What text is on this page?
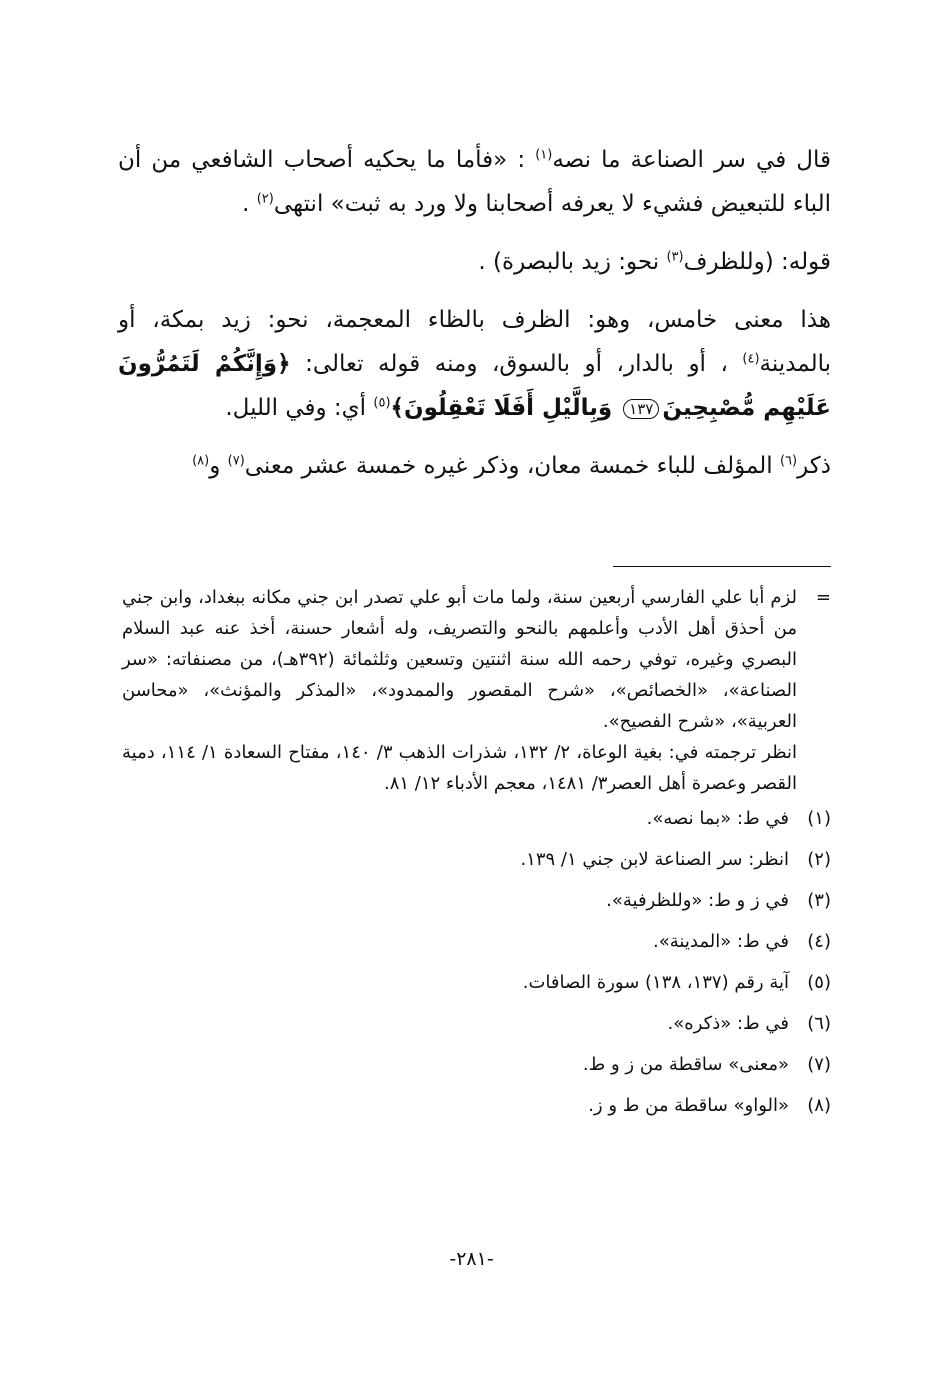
قال في سر الصناعة ما نصه$^{(١)}$ : «فأما ما يحكيه أصحاب الشافعي من أن الباء للتبعيض فشيء لا يعرفه أصحابنا ولا ورد به ثبت» انتهى$^{(٢)}$ .

قوله: (وللظرف$^{(٣)}$ نحو: زيد بالبصرة) .

هذا معنى خامس، وهو: الظرف بالظاء المعجمة، نحو: زيد بمكة، أو بالمدينة$^{(٤)}$ ، أو بالدار، أو بالسوق، ومنه قوله تعالى: ﴿وَإِنَّكُمْ لَتَمُرُّونَ عَلَيْهِم مُّصْبِحِينَ١٣٧ وَبِالَّيْلِ أَفَلَا تَعْقِلُونَ﴾$^{(٥)}$ أي: وفي الليل.

ذكر$^{(٦)}$ المؤلف للباء خمسة معان، وذكر غيره خمسة عشر معنى$^{(٧)}$ و$^{(٨)}$

=
لزم أبا علي الفارسي أربعين سنة، ولما مات أبو علي تصدر ابن جني مكانه ببغداد، وابن جني من أحذق أهل الأدب وأعلمهم بالنحو والتصريف، وله أشعار حسنة، أخذ عنه عبد السلام البصري وغيره، توفي رحمه الله سنة اثنتين وتسعين وثلثمائة (٣٩٢هـ)، من مصنفاته: «سر الصناعة»، «الخصائص»، «شرح المقصور والممدود»، «المذكر والمؤنث»، «محاسن العربية»، «شرح الفصيح».

انظر ترجمته في: بغية الوعاة، ٢/ ١٣٢، شذرات الذهب ٣/ ١٤٠، مفتاح السعادة ١/ ١١٤، دمية القصر وعصرة أهل العصر٣/ ١٤٨١، معجم الأدباء ١٢/ ٨١.

(١)
في ط: «بما نصه».
(٢)
انظر: سر الصناعة لابن جني ١/ ١٣٩.
(٣)
في ز و ط: «وللظرفية».
(٤)
في ط: «المدينة».
(٥)
آية رقم (١٣٧، ١٣٨) سورة الصافات.
(٦)
في ط: «ذكره».
(٧)
«معنى» ساقطة من ز و ط.
(٨)
«الواو» ساقطة من ط و ز.
-٢٨١-
